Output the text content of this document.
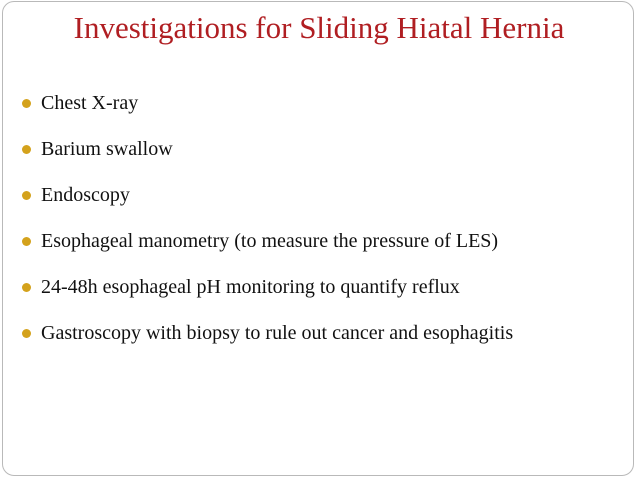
Investigations for Sliding Hiatal Hernia
Chest X-ray
Barium swallow
Endoscopy
Esophageal manometry (to measure the pressure of LES)
24-48h esophageal pH monitoring to quantify reflux
Gastroscopy with biopsy to rule out cancer and esophagitis
